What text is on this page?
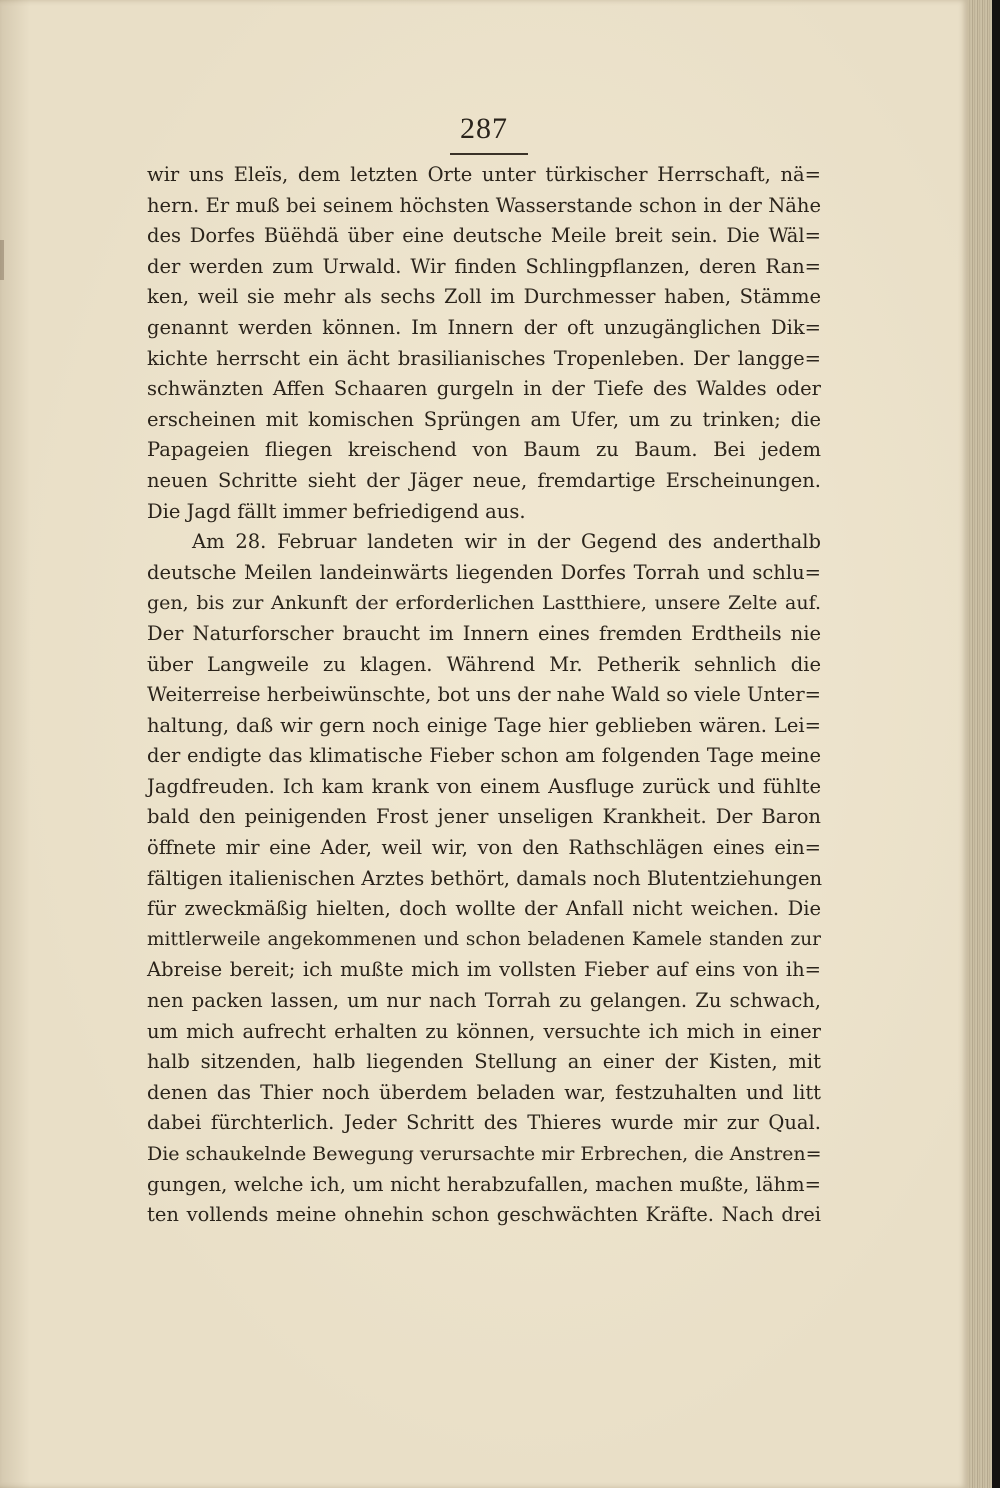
287
wir uns Eleïs, dem letzten Orte unter türkischer Herrschaft, nä=
hern. Er muß bei seinem höchsten Wasserstande schon in der Nähe
des Dorfes Büëhdä über eine deutsche Meile breit sein. Die Wäl=
der werden zum Urwald. Wir finden Schlingpflanzen, deren Ran=
ken, weil sie mehr als sechs Zoll im Durchmesser haben, Stämme
genannt werden können. Im Innern der oft unzugänglichen Dik=
kichte herrscht ein ächt brasilianisches Tropenleben. Der langge=
schwänzten Affen Schaaren gurgeln in der Tiefe des Waldes oder
erscheinen mit komischen Sprüngen am Ufer, um zu trinken; die
Papageien fliegen kreischend von Baum zu Baum. Bei jedem
neuen Schritte sieht der Jäger neue, fremdartige Erscheinungen.
Die Jagd fällt immer befriedigend aus.
Am 28. Februar landeten wir in der Gegend des anderthalb
deutsche Meilen landeinwärts liegenden Dorfes Torrah und schlu=
gen, bis zur Ankunft der erforderlichen Lastthiere, unsere Zelte auf.
Der Naturforscher braucht im Innern eines fremden Erdtheils nie
über Langweile zu klagen. Während Mr. Petherik sehnlich die
Weiterreise herbeiwünschte, bot uns der nahe Wald so viele Unter=
haltung, daß wir gern noch einige Tage hier geblieben wären. Lei=
der endigte das klimatische Fieber schon am folgenden Tage meine
Jagdfreuden. Ich kam krank von einem Ausfluge zurück und fühlte
bald den peinigenden Frost jener unseligen Krankheit. Der Baron
öffnete mir eine Ader, weil wir, von den Rathschlägen eines ein=
fältigen italienischen Arztes bethört, damals noch Blutentziehungen
für zweckmäßig hielten, doch wollte der Anfall nicht weichen. Die
mittlerweile angekommenen und schon beladenen Kamele standen zur
Abreise bereit; ich mußte mich im vollsten Fieber auf eins von ih=
nen packen lassen, um nur nach Torrah zu gelangen. Zu schwach,
um mich aufrecht erhalten zu können, versuchte ich mich in einer
halb sitzenden, halb liegenden Stellung an einer der Kisten, mit
denen das Thier noch überdem beladen war, festzuhalten und litt
dabei fürchterlich. Jeder Schritt des Thieres wurde mir zur Qual.
Die schaukelnde Bewegung verursachte mir Erbrechen, die Anstren=
gungen, welche ich, um nicht herabzufallen, machen mußte, lähm=
ten vollends meine ohnehin schon geschwächten Kräfte. Nach drei
